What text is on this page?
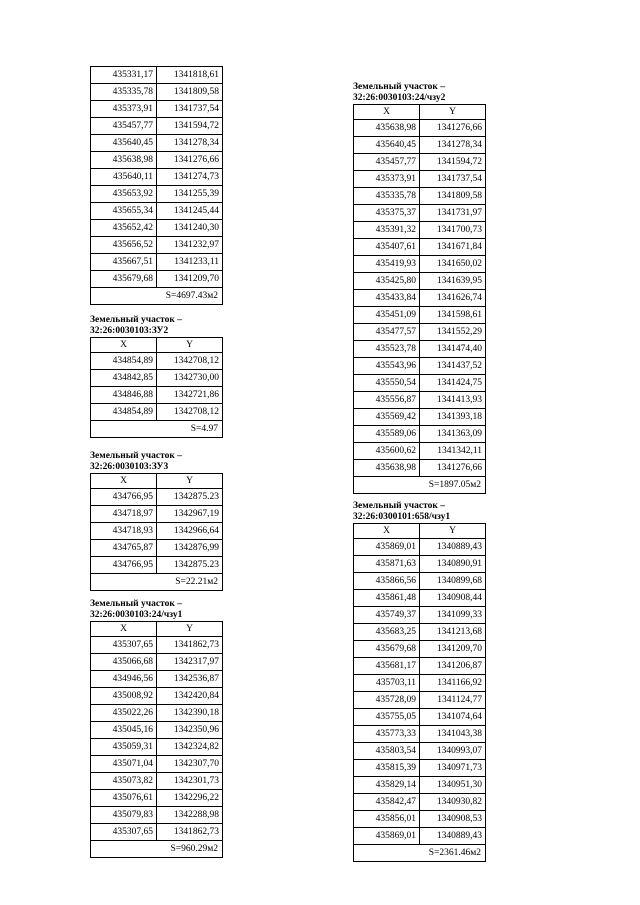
435331,17	1341818,61
435335,78	1341809,58
435373,91	1341737,54
435457,77	1341594,72
435640,45	1341278,34
435638,98	1341276,66
435640,11	1341274,73
435653,92	1341255,39
435655,34	1341245,44
435652,42	1341240,30
435656,52	1341232,97
435667,51	1341233,11
435679,68	1341209,70
S=4697.43м2	
Земельный участок – 32:26:0030103:ЗУ2
X	Y
434854,89	1342708,12
434842,85	1342730,00
434846,88	1342721,86
434854,89	1342708,12
S=4.97	
Земельный участок – 32:26:0030103:ЗУ3
X	Y
434766,95	1342875.23
434718,97	1342967,19
434718,93	1342966,64
434765,87	1342876,99
434766,95	1342875.23
S=22.21м2	
Земельный участок – 32:26:0030103:24/чзу1
X	Y
435307,65	1341862,73
435066,68	1342317,97
434946,56	1342536,87
435008,92	1342420,84
435022,26	1342390,18
435045,16	1342350,96
435059,31	1342324,82
435071,04	1342307,70
435073,82	1342301,73
435076,61	1342296,22
435079,83	1342288,98
435307,65	1341862,73
S=960.29м2	
Земельный участок – 32:26:0030103:24/чзу2
X	Y
435638,98	1341276,66
435640,45	1341278,34
435457,77	1341594,72
435373,91	1341737,54
435335,78	1341809,58
435375,37	1341731,97
435391,32	1341700,73
435407,61	1341671,84
435419,93	1341650,02
435425,80	1341639,95
435433,84	1341626,74
435451,09	1341598,61
435477,57	1341552,29
435523,78	1341474,40
435543,96	1341437,52
435550,54	1341424,75
435556,87	1341413,93
435569,42	1341393,18
435589,06	1341363,09
435600,62	1341342,11
435638,98	1341276,66
S=1897.05м2	
Земельный участок – 32:26:0300101:658/чзу1
X	Y
435869,01	1340889,43
435871,63	1340890,91
435866,56	1340899,68
435861,48	1340908,44
435749,37	1341099,33
435683,25	1341213,68
435679,68	1341209,70
435681,17	1341206,87
435703,11	1341166,92
435728,09	1341124,77
435755,05	1341074,64
435773,33	1341043,38
435803,54	1340993,07
435815,39	1340971,73
435829,14	1340951,30
435842,47	1340930,82
435856,01	1340908,53
435869,01	1340889,43
S=2361.46м2	
